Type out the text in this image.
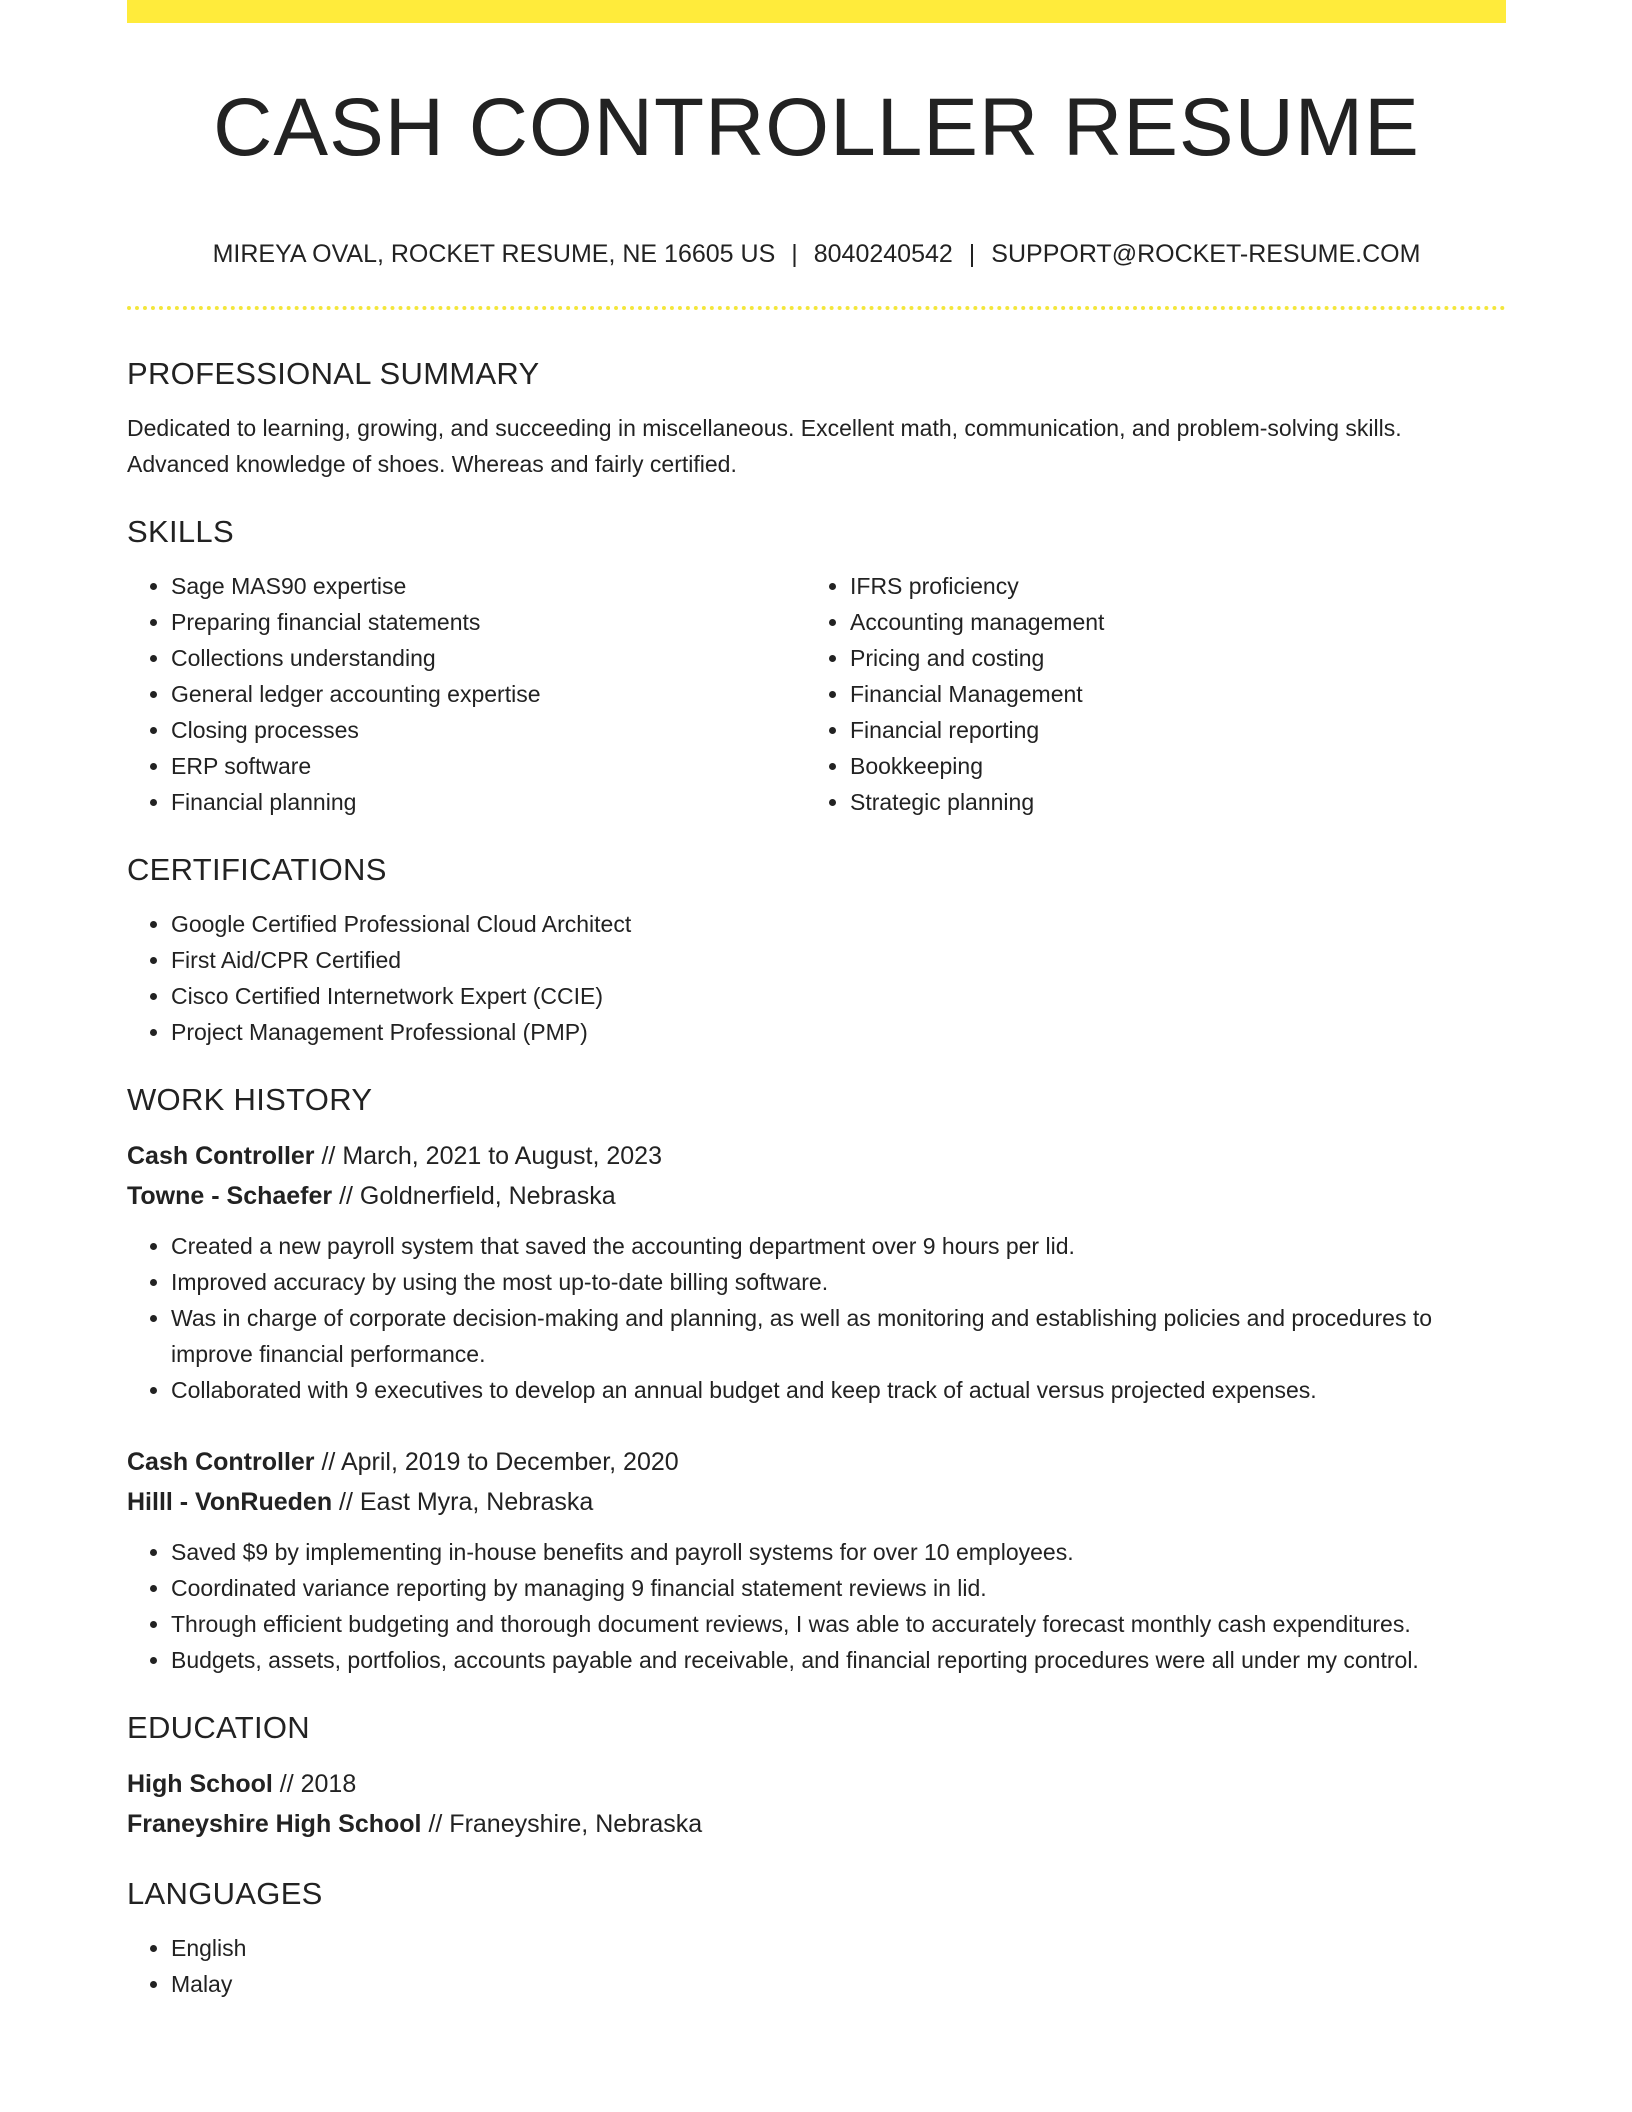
CASH CONTROLLER RESUME
MIREYA OVAL, ROCKET RESUME, NE 16605 US | 8040240542 | SUPPORT@ROCKET-RESUME.COM
PROFESSIONAL SUMMARY

Dedicated to learning, growing, and succeeding in miscellaneous. Excellent math, communication, and problem-solving skills. Advanced knowledge of shoes. Whereas and fairly certified.

SKILLS
• Sage MAS90 expertise
• Preparing financial statements
• Collections understanding
• General ledger accounting expertise
• Closing processes
• ERP software
• Financial planning
• IFRS proficiency
• Accounting management
• Pricing and costing
• Financial Management
• Financial reporting
• Bookkeeping
• Strategic planning
CERTIFICATIONS
• Google Certified Professional Cloud Architect
• First Aid/CPR Certified
• Cisco Certified Internetwork Expert (CCIE)
• Project Management Professional (PMP)
WORK HISTORY
Cash Controller // March, 2021 to August, 2023
Towne - Schaefer // Goldnerfield, Nebraska
• Created a new payroll system that saved the accounting department over 9 hours per lid.
• Improved accuracy by using the most up-to-date billing software.
• Was in charge of corporate decision-making and planning, as well as monitoring and establishing policies and procedures to improve financial performance.
• Collaborated with 9 executives to develop an annual budget and keep track of actual versus projected expenses.
Cash Controller // April, 2019 to December, 2020
Hilll - VonRueden // East Myra, Nebraska
• Saved $9 by implementing in-house benefits and payroll systems for over 10 employees.
• Coordinated variance reporting by managing 9 financial statement reviews in lid.
• Through efficient budgeting and thorough document reviews, I was able to accurately forecast monthly cash expenditures.
• Budgets, assets, portfolios, accounts payable and receivable, and financial reporting procedures were all under my control.
EDUCATION
High School // 2018
Franeyshire High School // Franeyshire, Nebraska
LANGUAGES
• English
• Malay
